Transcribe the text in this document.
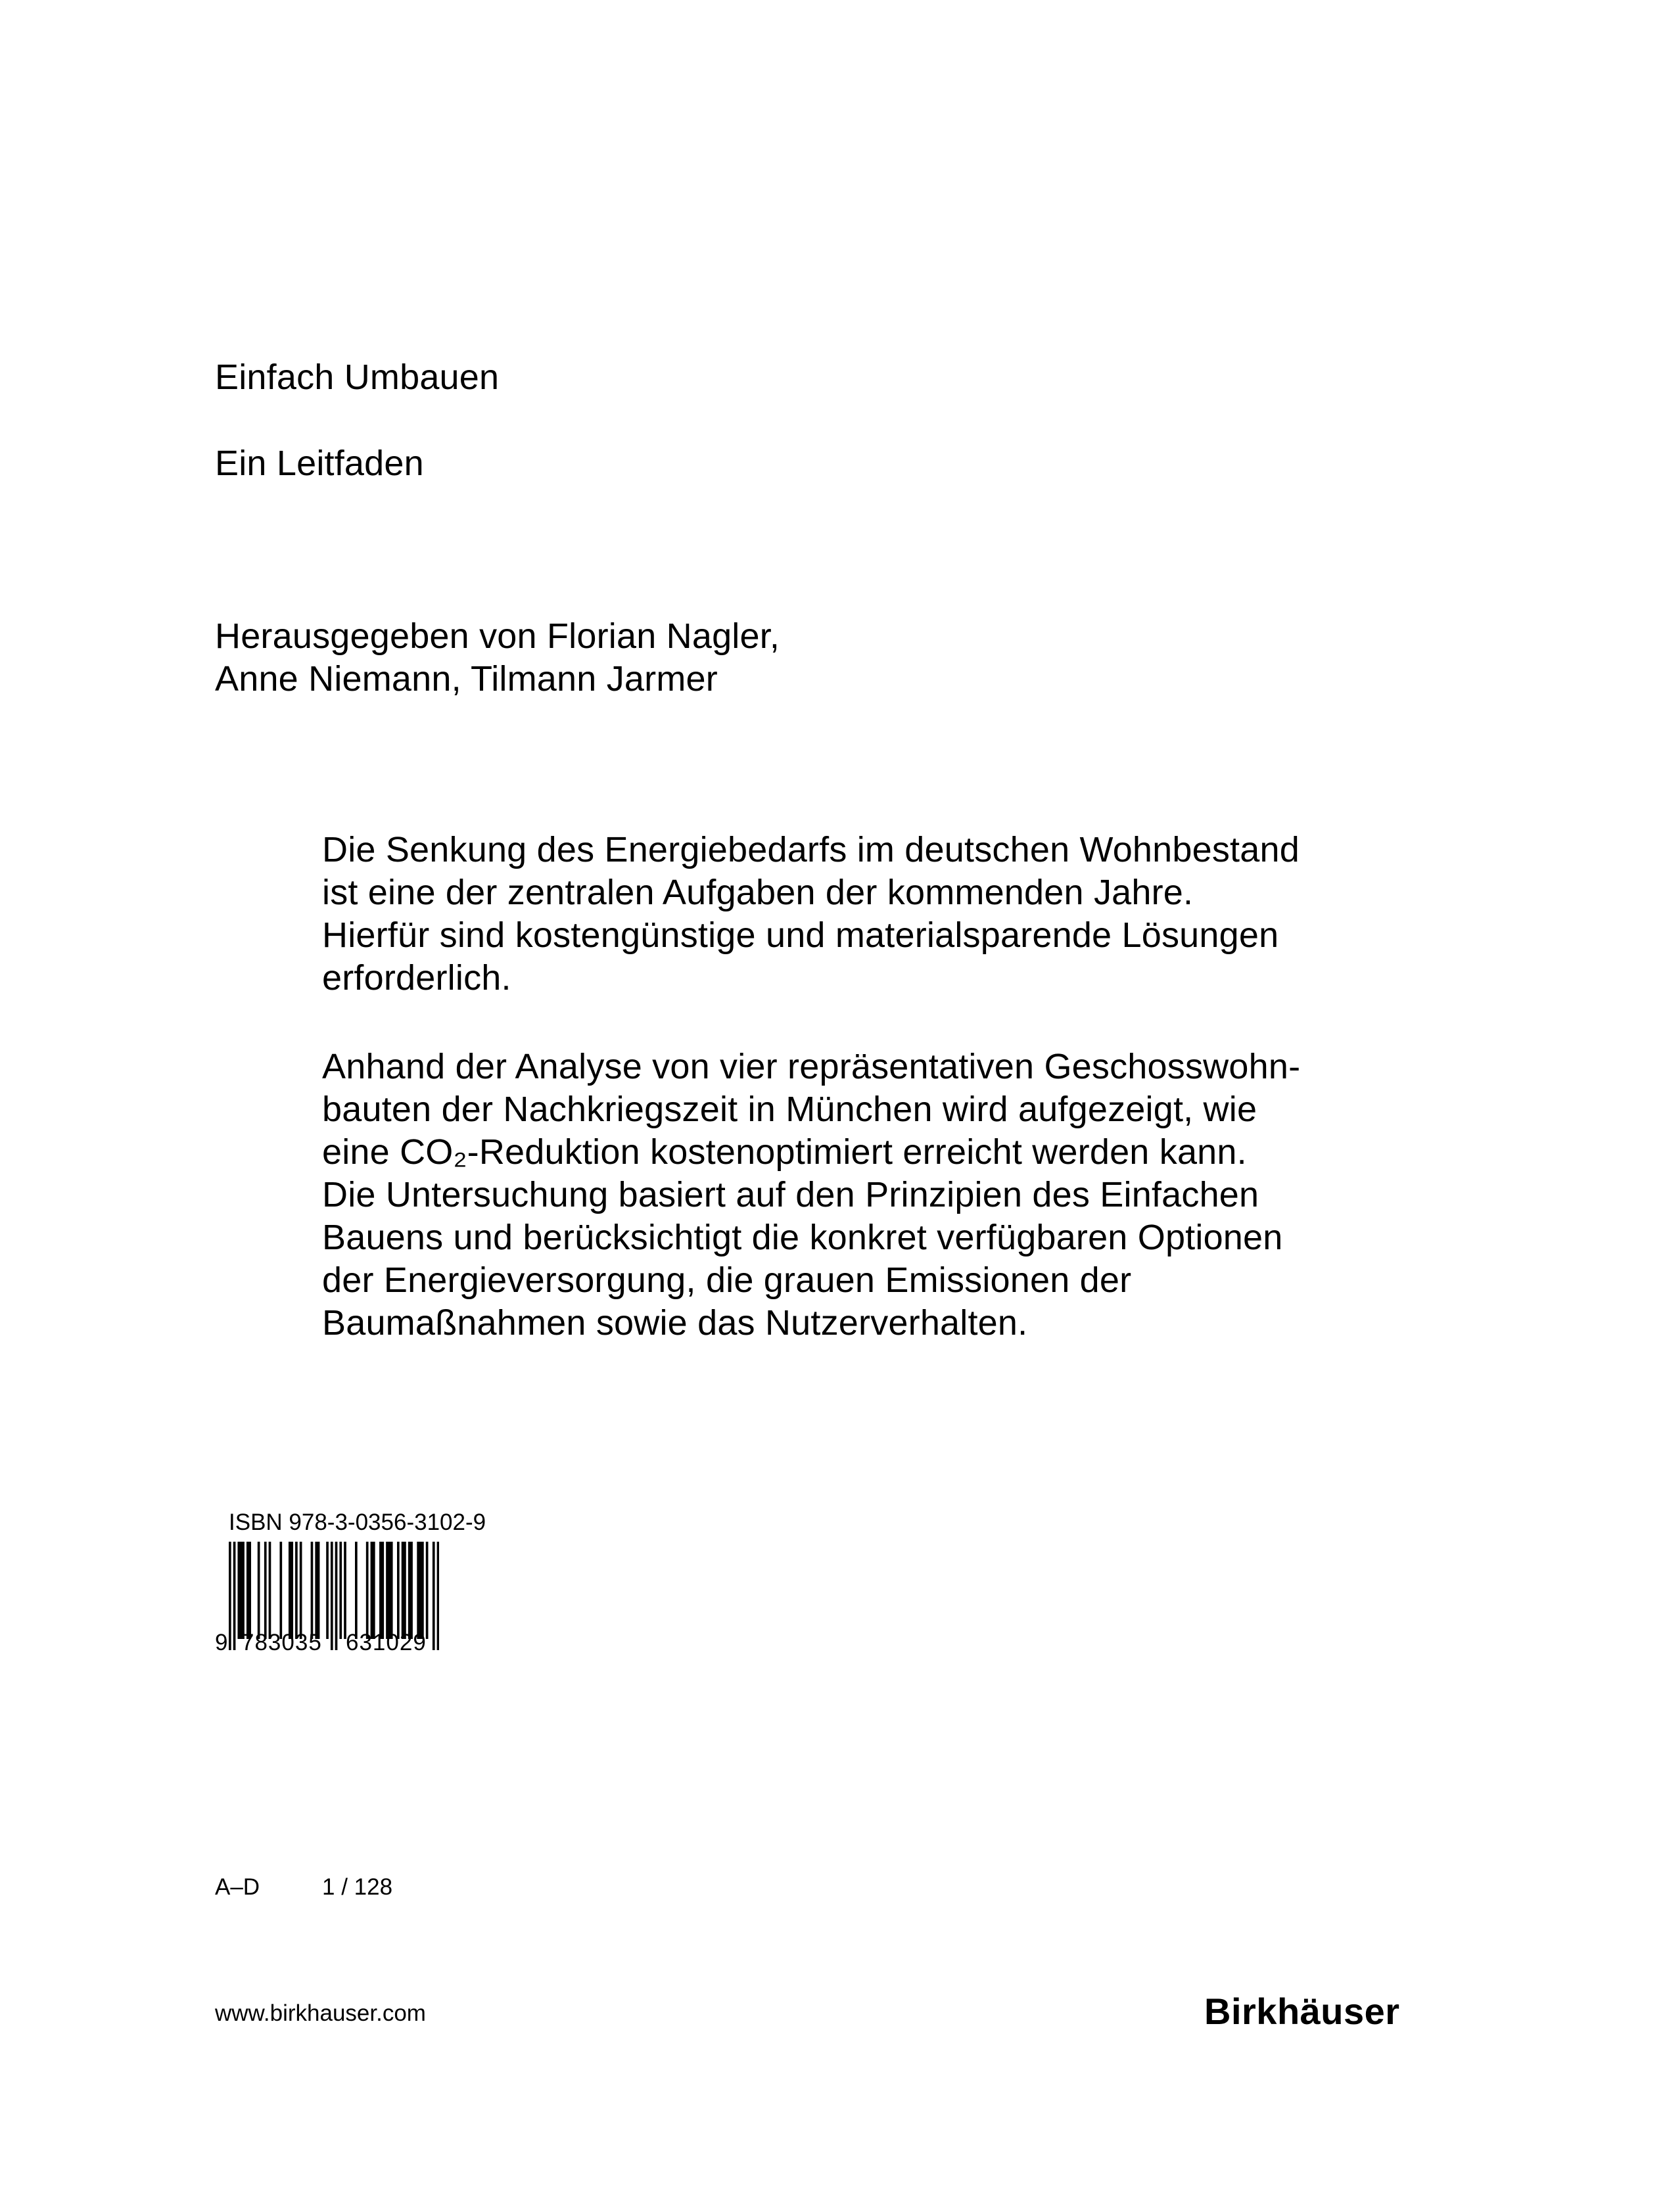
Einfach Umbauen
Ein Leitfaden
Herausgegeben von Florian Nagler,
Anne Niemann, Tilmann Jarmer
Die Senkung des Energiebedarfs im deutschen Wohnbestand
ist eine der zentralen Aufgaben der kommenden Jahre.
Hierfür sind kostengünstige und materialsparende Lösungen
erforderlich.
Anhand der Analyse von vier repräsentativen Geschosswohn-
bauten der Nachkriegszeit in München wird aufgezeigt, wie
eine CO₂-Reduktion kostenoptimiert erreicht werden kann.
Die Untersuchung basiert auf den Prinzipien des Einfachen
Bauens und berücksichtigt die konkret verfügbaren Optionen
der Energieversorgung, die grauen Emissionen der
Baumaßnahmen sowie das Nutzerverhalten.
ISBN 978-3-0356-3102-9
9 783035 631029
A–D	1 / 128
www.birkhauser.com	Birkhäuser
